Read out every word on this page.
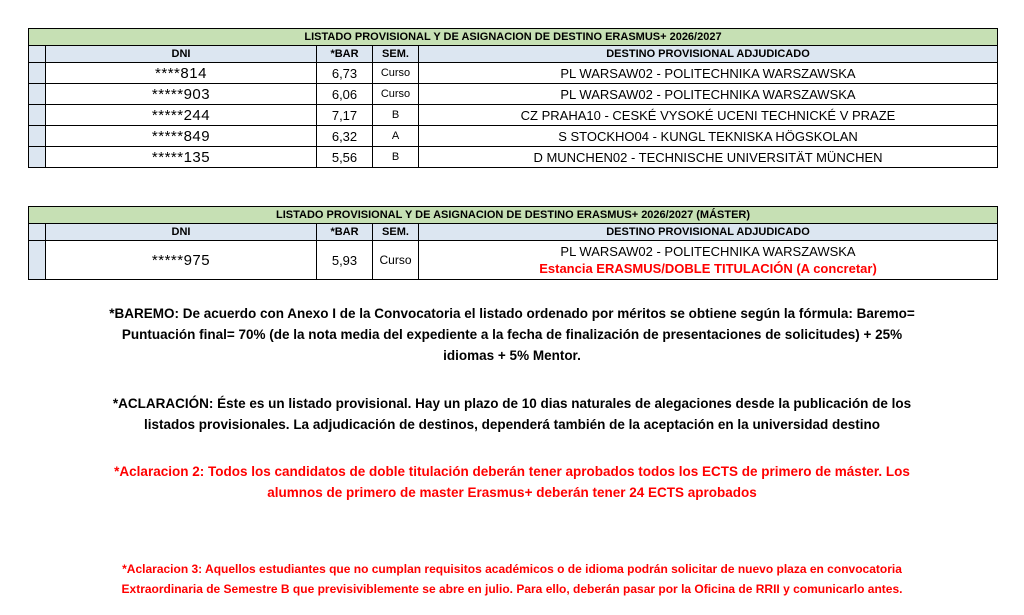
LISTADO PROVISIONAL Y DE ASIGNACION DE DESTINO ERASMUS+ 2026/2027				
	DNI	*BAR	SEM.	DESTINO PROVISIONAL ADJUDICADO
	****814	6,73	Curso	PL WARSAW02 - POLITECHNIKA WARSZAWSKA
	*****903	6,06	Curso	PL WARSAW02 - POLITECHNIKA WARSZAWSKA
	*****244	7,17	B	CZ PRAHA10 - CESKÉ VYSOKÉ UCENI TECHNICKÉ V PRAZE
	*****849	6,32	A	S STOCKHO04 - KUNGL TEKNISKA HÖGSKOLAN
	*****135	5,56	B	D MUNCHEN02 - TECHNISCHE UNIVERSITÄT MÜNCHEN
LISTADO PROVISIONAL Y DE ASIGNACION DE DESTINO ERASMUS+ 2026/2027 (MÁSTER)				
	DNI	*BAR	SEM.	DESTINO PROVISIONAL ADJUDICADO
	*****975	5,93	Curso	PL WARSAW02 - POLITECHNIKA WARSZAWSKA
Estancia ERASMUS/DOBLE TITULACIÓN (A concretar)
*BAREMO: De acuerdo con Anexo I de la Convocatoria el listado ordenado por méritos se obtiene según la fórmula: Baremo=
Puntuación final= 70% (de la nota media del expediente a la fecha de finalización de presentaciones de solicitudes) + 25%
idiomas + 5% Mentor.
*ACLARACIÓN: Éste es un listado provisional. Hay un plazo de 10 dias naturales de alegaciones desde la publicación de los
listados provisionales. La adjudicación de destinos, dependerá también de la aceptación en la universidad destino
*Aclaracion 2: Todos los candidatos de doble titulación deberán tener aprobados todos los ECTS de primero de máster. Los
alumnos de primero de master Erasmus+ deberán tener 24 ECTS aprobados
*Aclaracion 3: Aquellos estudiantes que no cumplan requisitos académicos o de idioma podrán solicitar de nuevo plaza en convocatoria
Extraordinaria de Semestre B que previsiviblemente se abre en julio. Para ello, deberán pasar por la Oficina de RRII y comunicarlo antes.
